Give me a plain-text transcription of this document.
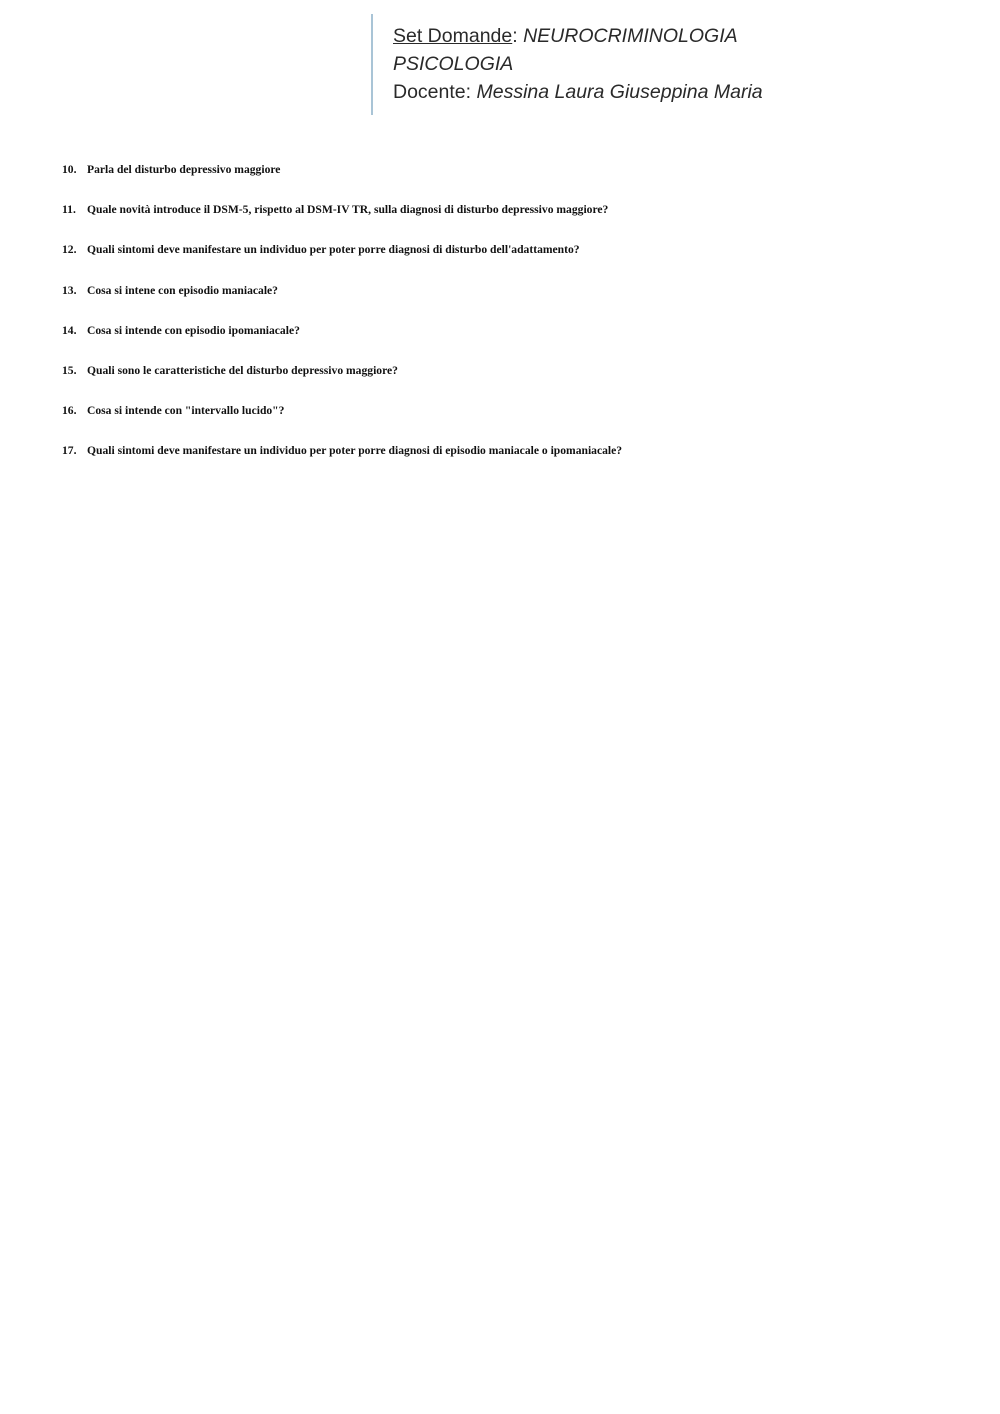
Set Domande: NEUROCRIMINOLOGIA
PSICOLOGIA
Docente: Messina Laura Giuseppina Maria
10. Parla del disturbo depressivo maggiore
11. Quale novità introduce il DSM-5, rispetto al DSM-IV TR, sulla diagnosi di disturbo depressivo maggiore?
12. Quali sintomi deve manifestare un individuo per poter porre diagnosi di disturbo dell'adattamento?
13. Cosa si intene con episodio maniacale?
14. Cosa si intende con episodio ipomaniacale?
15. Quali sono le caratteristiche del disturbo depressivo maggiore?
16. Cosa si intende con "intervallo lucido"?
17. Quali sintomi deve manifestare un individuo per poter porre diagnosi di episodio maniacale o ipomaniacale?
